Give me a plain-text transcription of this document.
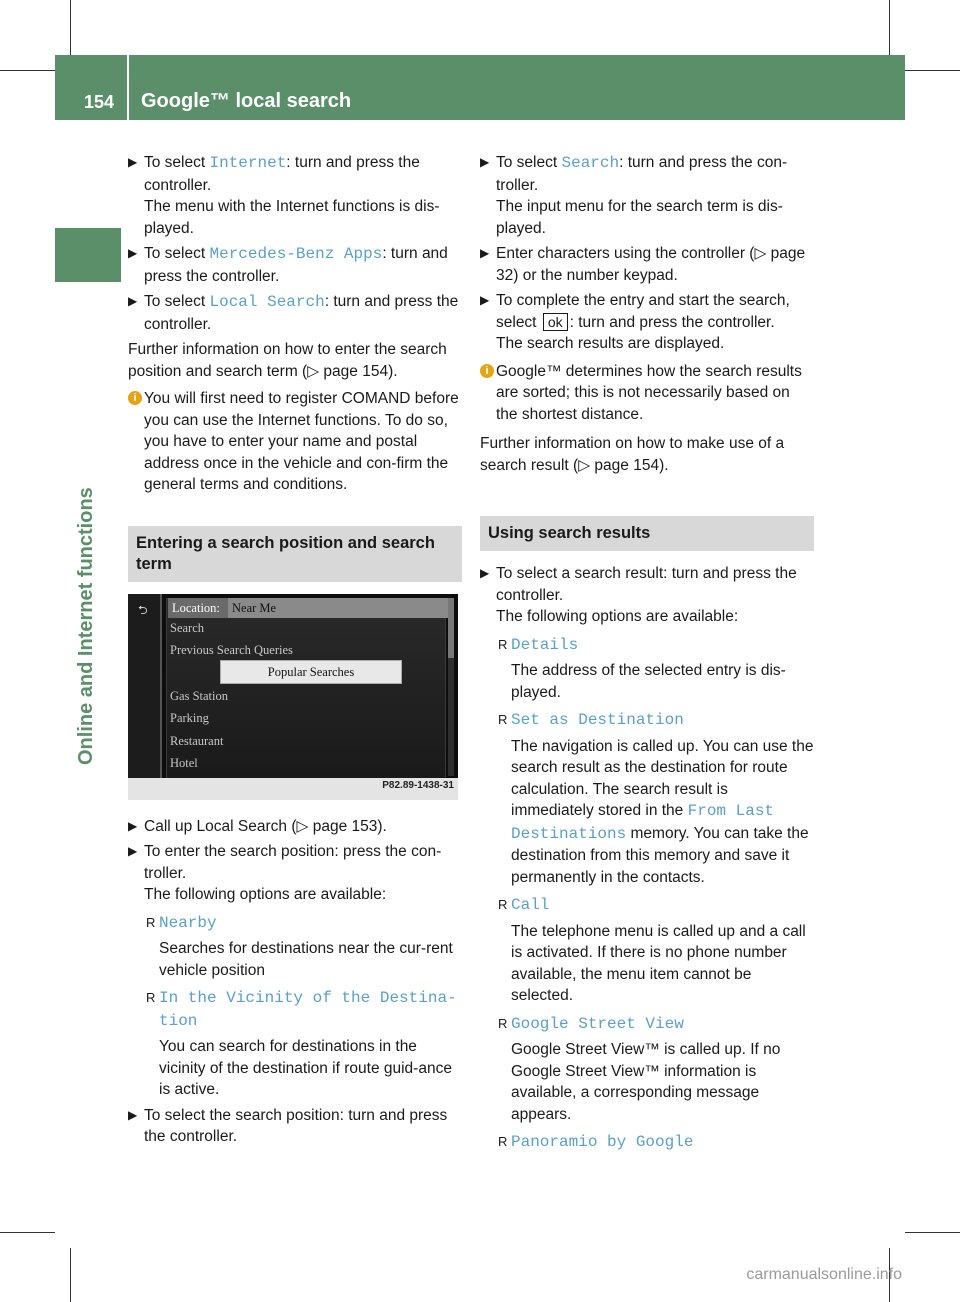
154 Google™ local search
Online and Internet functions
▶ To select Internet: turn and press the controller.
The menu with the Internet functions is dis-played.
▶ To select Mercedes-Benz Apps: turn and press the controller.
▶ To select Local Search: turn and press the controller.
Further information on how to enter the search position and search term (▷ page 154).
i You will first need to register COMAND before you can use the Internet functions. To do so, you have to enter your name and postal address once in the vehicle and con-firm the general terms and conditions.
Entering a search position and search term
⮌	Location: Near Me
Search
Previous Search Queries
Popular Searches
Gas Station
Parking
Restaurant
Hotel
P82.89-1438-31
▶ Call up Local Search (▷ page 153).
▶ To enter the search position: press the con-troller.
The following options are available:
R Nearby
Searches for destinations near the cur-rent vehicle position
R In the Vicinity of the Destina-tion
You can search for destinations in the vicinity of the destination if route guid-ance is active.
▶ To select the search position: turn and press the controller.
▶ To select Search: turn and press the con-troller.
The input menu for the search term is dis-played.
▶ Enter characters using the controller (▷ page 32) or the number keypad.
▶ To complete the entry and start the search, select ok : turn and press the controller.
The search results are displayed.
i Google™ determines how the search results are sorted; this is not necessarily based on the shortest distance.
Further information on how to make use of a search result (▷ page 154).
Using search results
▶ To select a search result: turn and press the controller.
The following options are available:
R Details
The address of the selected entry is dis-played.
R Set as Destination
The navigation is called up. You can use the search result as the destination for route calculation. The search result is immediately stored in the From Last Destinations memory. You can take the destination from this memory and save it permanently in the contacts.
R Call
The telephone menu is called up and a call is activated. If there is no phone number available, the menu item cannot be selected.
R Google Street View
Google Street View™ is called up. If no Google Street View™ information is available, a corresponding message appears.
R Panoramio by Google
carmanualsonline.info
